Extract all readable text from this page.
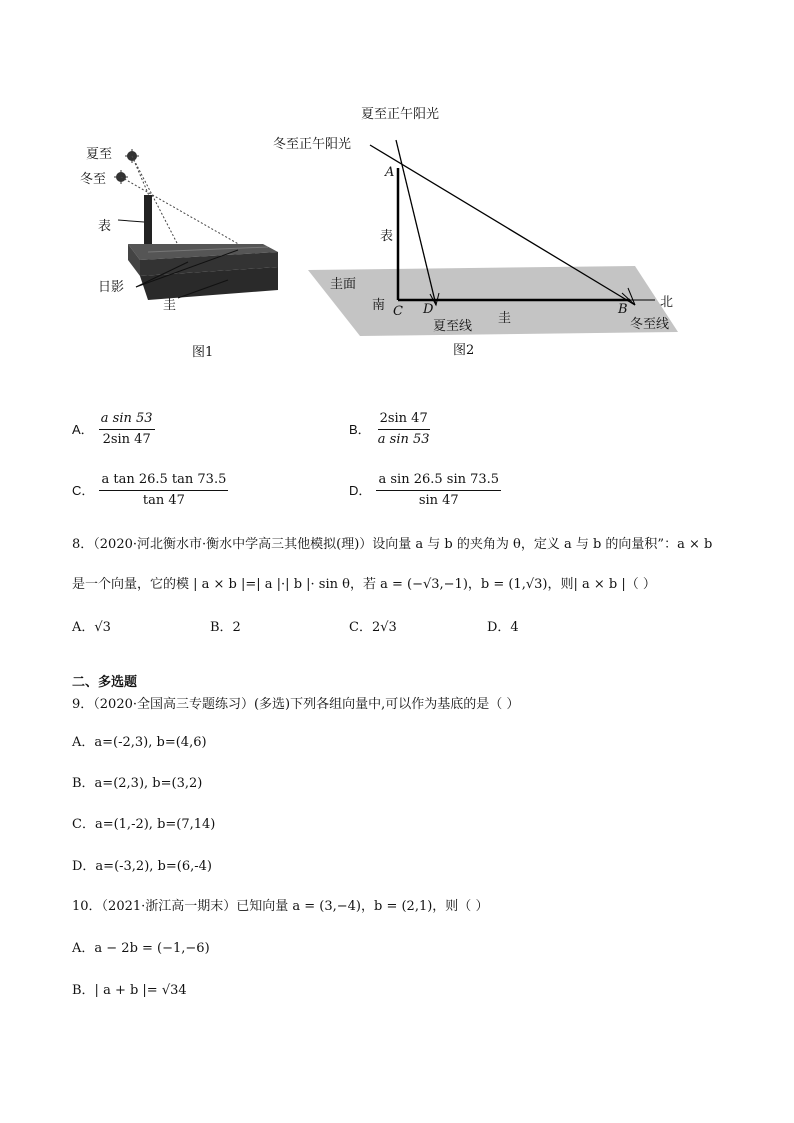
夏至
冬至
表
日影
圭
图1
夏至正午阳光
冬至正午阳光
A
表
圭面
南 C D
夏至线
圭
B 北
冬至线
图2
A． $\frac{\text{a sin 53}}{2\sin 47}$	B． $\frac{2\sin 47}{\text{a sin 53}}$
C． $\frac{\text{a tan 26.5 tan 73.5}}{\tan 47}$	D． $\frac{\text{a sin 26.5 sin 73.5}}{\sin 47}$
8．（2020·河北衡水市·衡水中学高三其他模拟(理)）设向量 a 与 b 的夹角为 θ，定义 a 与 b 的向量积”：a × b
是一个向量，它的模 | a × b |=| a |·| b |· sin θ，若 a = (−√3,−1)，b = (1,√3)，则| a × b |（ ）
A．√3	B．2	C．2√3	D．4
二、多选题
9．（2020·全国高三专题练习）(多选)下列各组向量中,可以作为基底的是（ ）
A．a=(-2,3), b=(4,6)
B．a=(2,3), b=(3,2)
C．a=(1,-2), b=(7,14)
D．a=(-3,2), b=(6,-4)
10．（2021·浙江高一期末）已知向量 a = (3,−4)，b = (2,1)，则（ ）
A．a − 2b = (−1,−6)
B．| a + b |= √34
